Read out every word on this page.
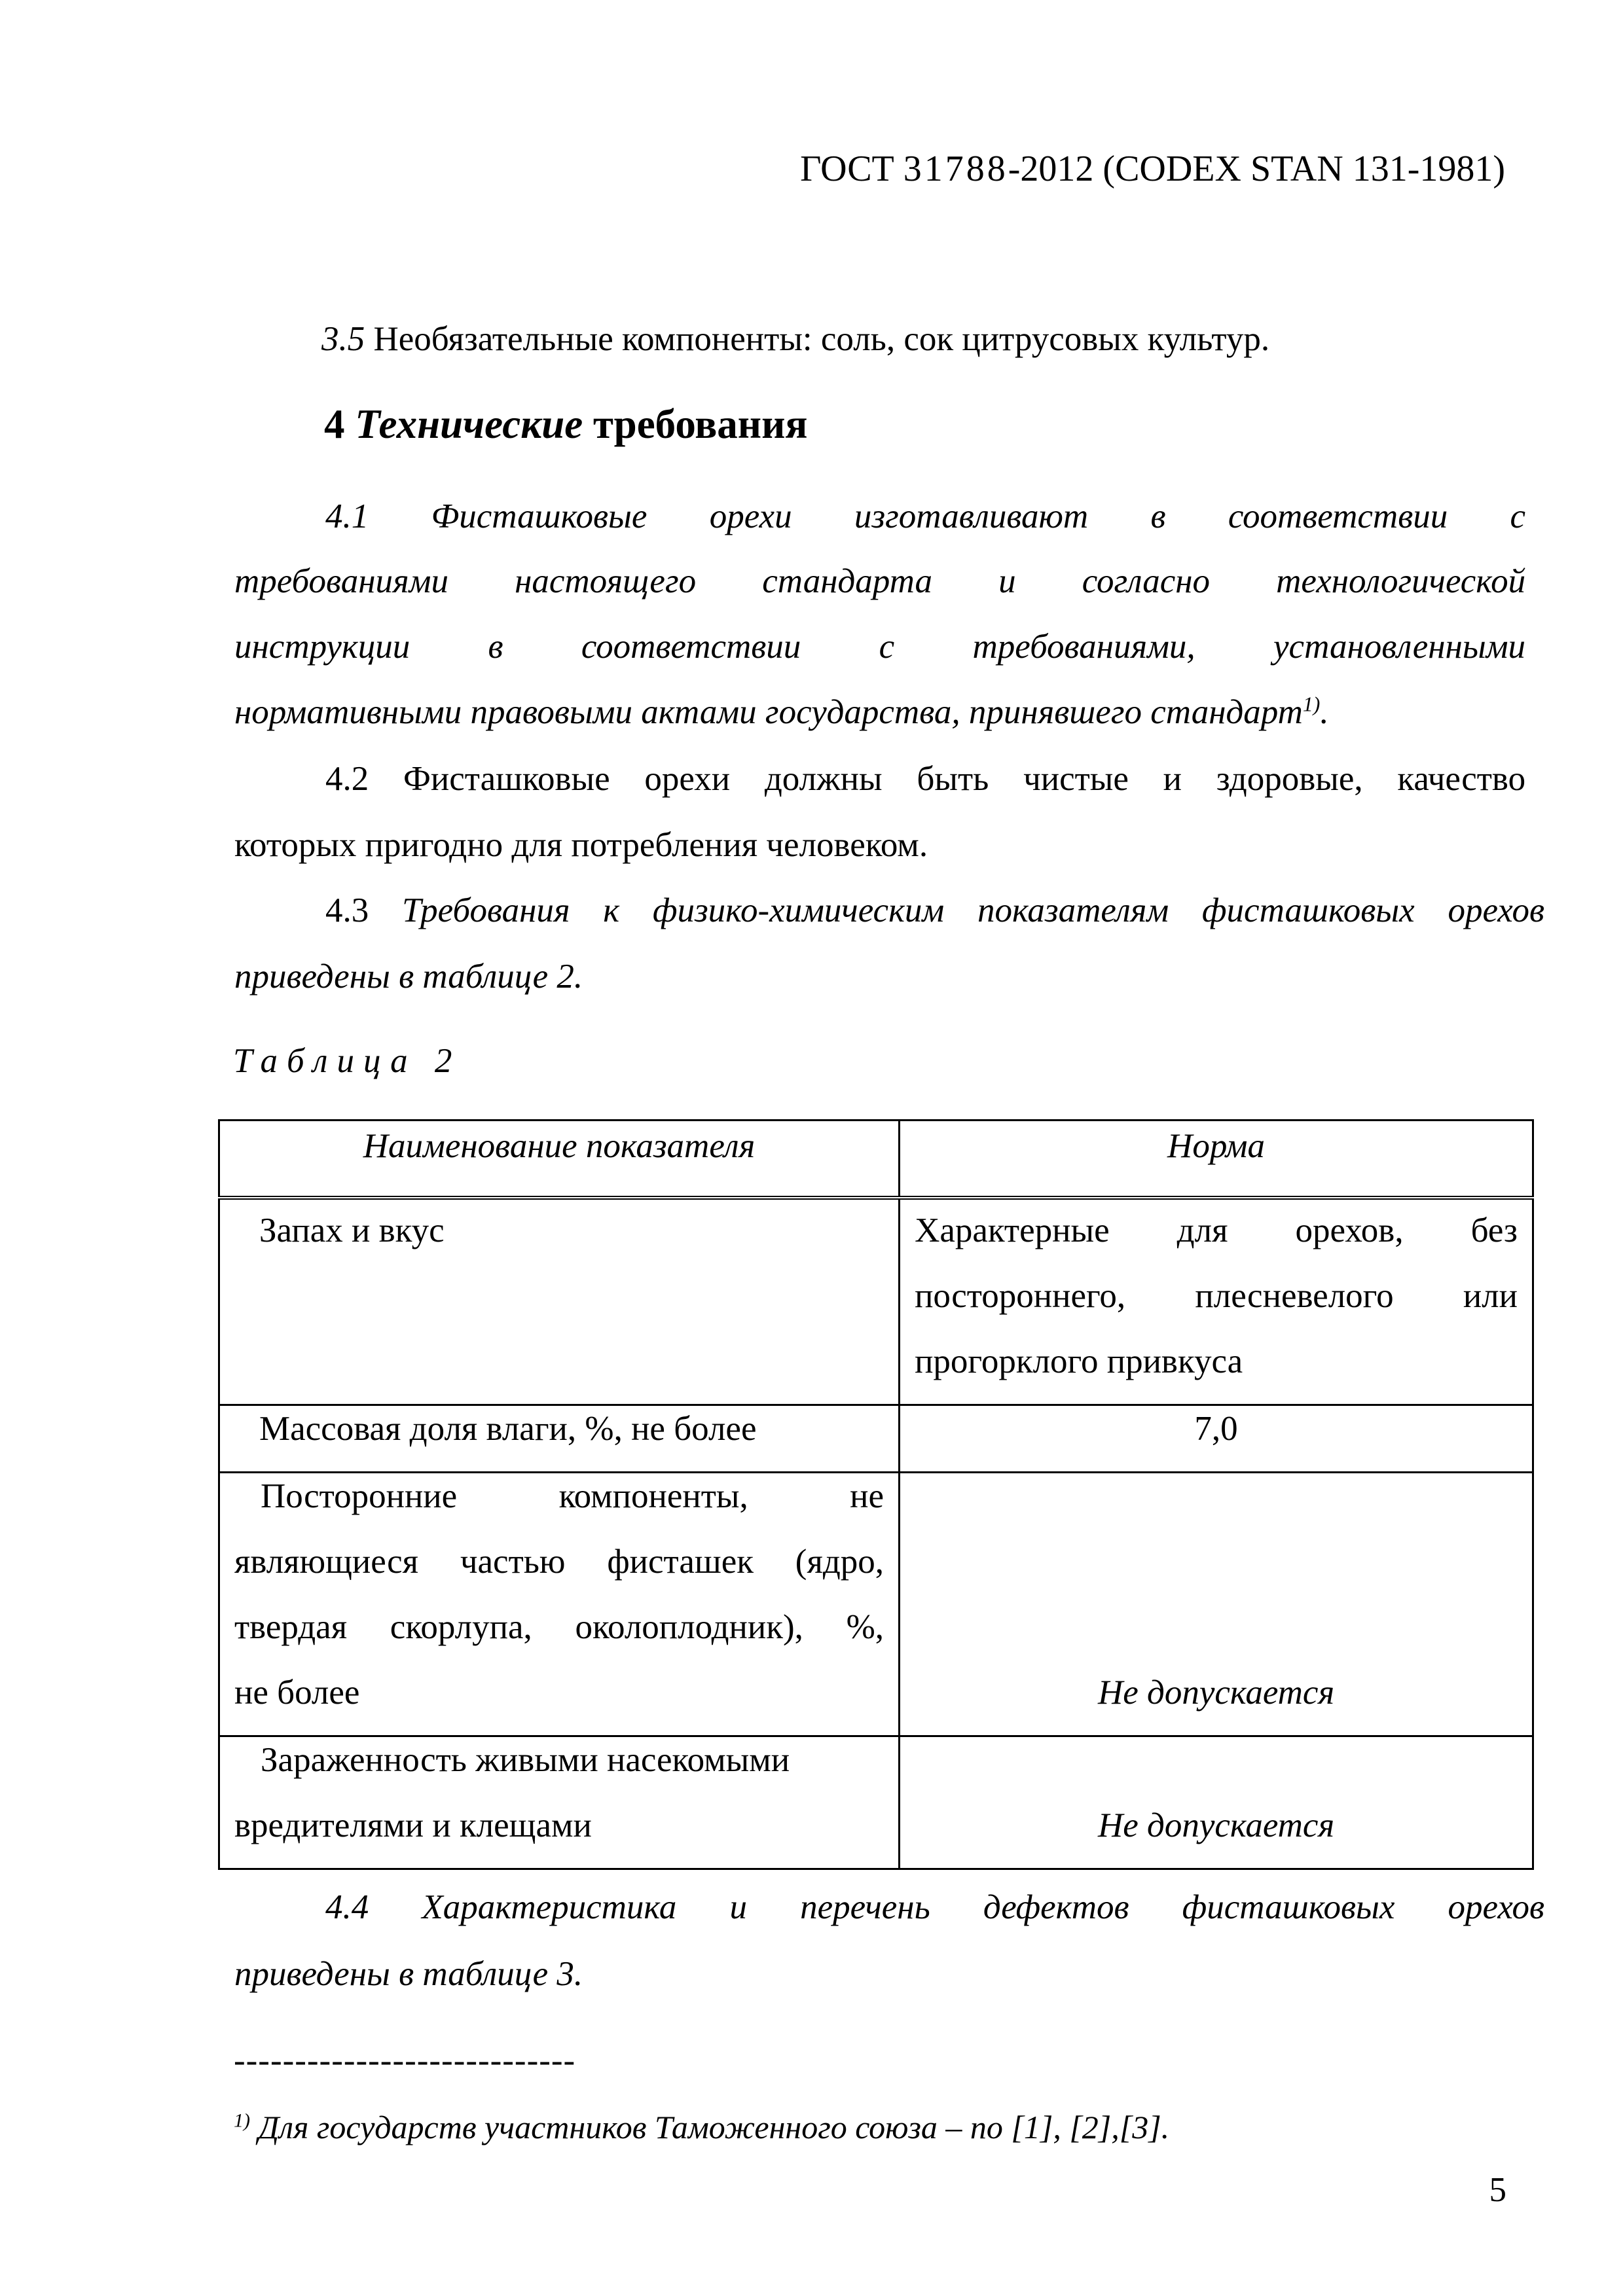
ГОСТ 31788-2012 (CODEX STAN 131-1981)
3.5 Необязательные компоненты: соль, сок цитрусовых культур.
4 Технические требования
4.1 Фисташковые орехи изготавливают в соответствии с
требованиями настоящего стандарта и согласно технологической
инструкции в соответствии с требованиями, установленными
нормативными правовыми актами государства, принявшего стандарт$^{1)}$.
4.2 Фисташковые орехи должны быть чистые и здоровые, качество
которых пригодно для потребления человеком.
4.3 Требования к физико-химическим показателям фисташковых орехов
приведены в таблице 2.
Таблица 2
Наименование показателя	Норма

Запах и вкус	Характерные для орехов, без
постороннего, плесневелого или
прогорклого привкуса

Массовая доля влаги, %, не более	7,0

Посторонние компоненты, не
являющиеся частью фисташек (ядро,
твердая скорлупа, околоплодник), %,
не более	Не допускается

Зараженность живыми насекомыми
вредителями и клещами	Не допускается
4.4 Характеристика и перечень дефектов фисташковых орехов
приведены в таблице 3.
----------------------------
$^{1)}$ Для государств участников Таможенного союза – по [1], [2],[3].
5
